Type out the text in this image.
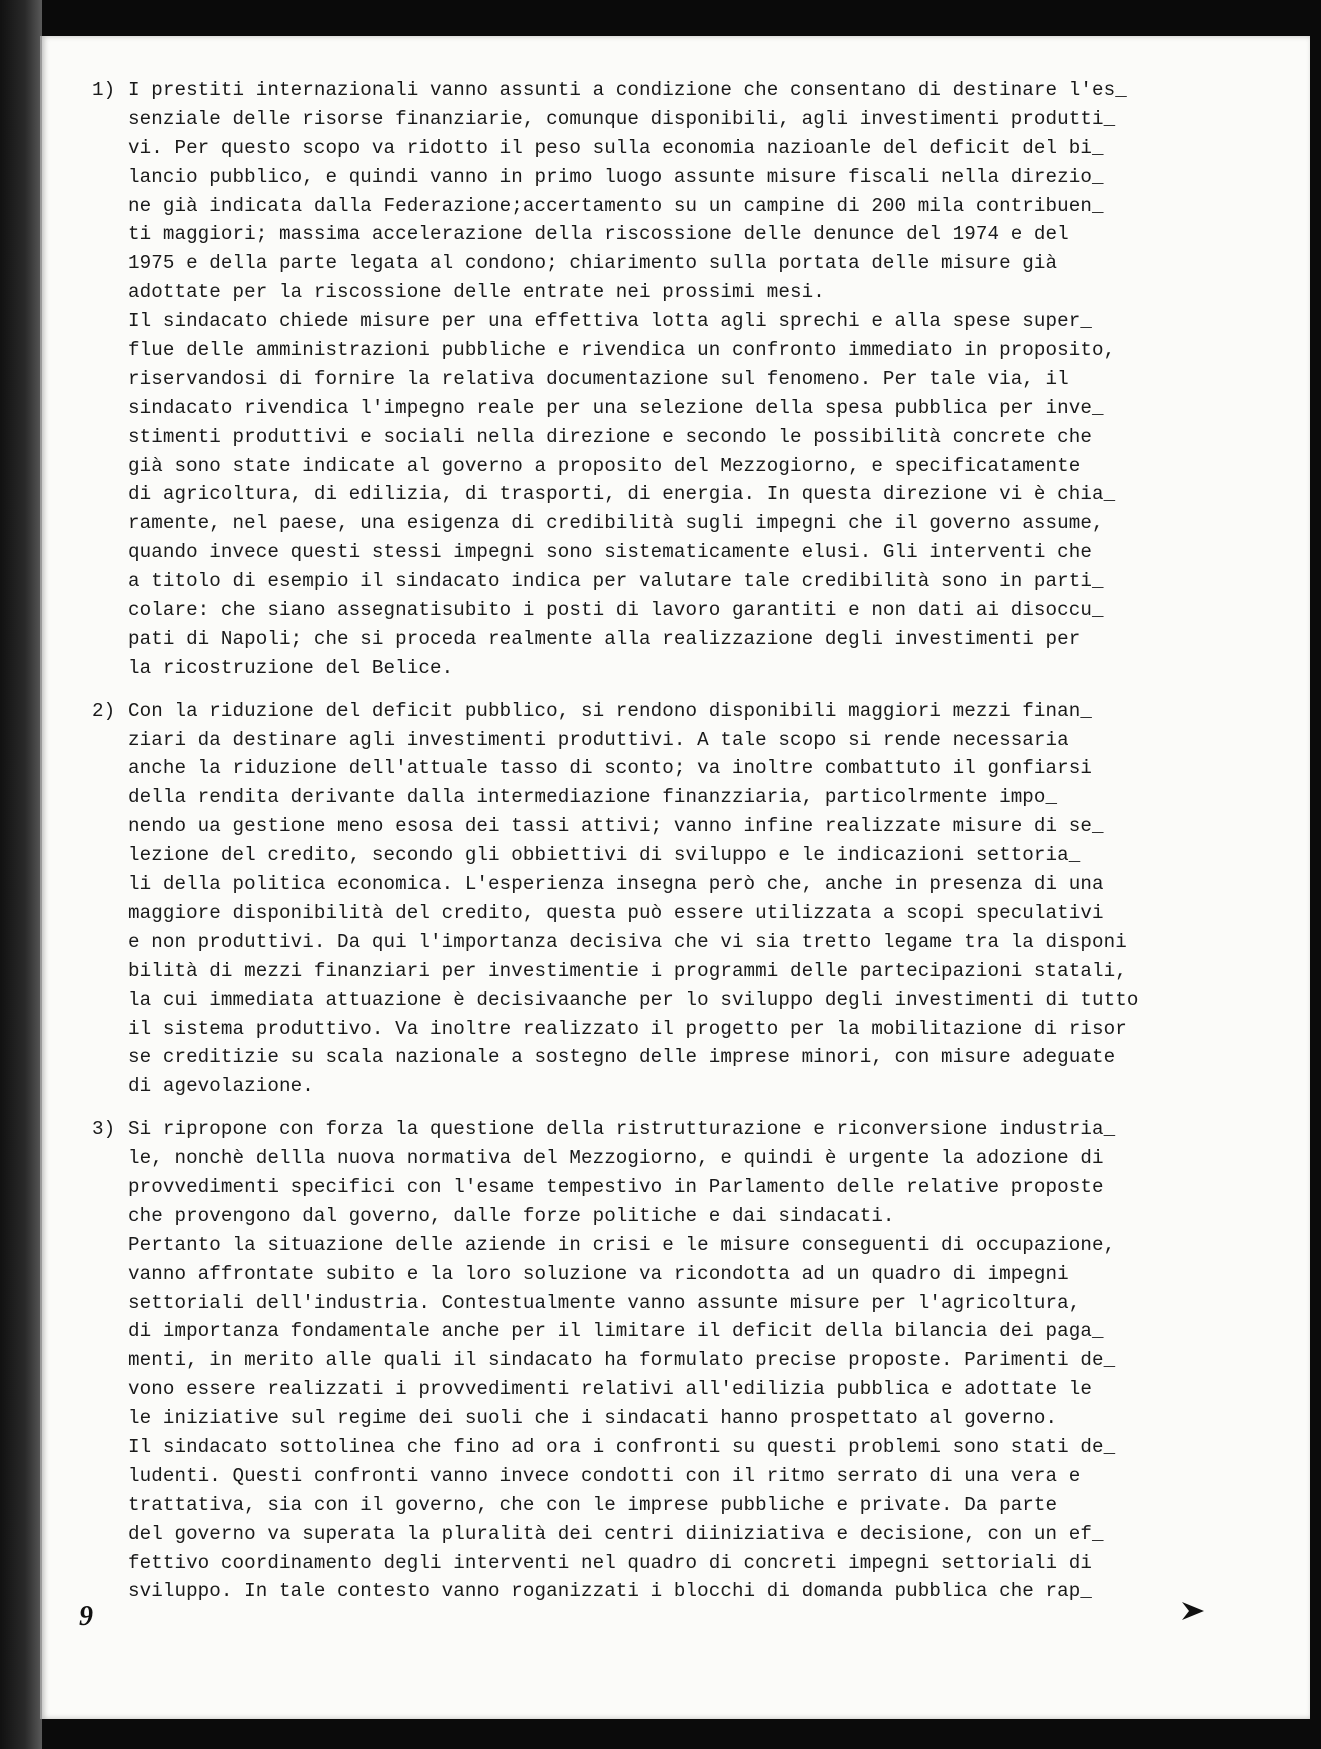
1) I prestiti internazionali vanno assunti a condizione che consentano di destinare l'es_
senziale delle risorse finanziarie, comunque disponibili, agli investimenti produtti_
vi. Per questo scopo va ridotto il peso sulla economia nazioanle del deficit del bi_
lancio pubblico, e quindi vanno in primo luogo assunte misure fiscali nella direzio_
ne già indicata dalla Federazione;accertamento su un campine di 200 mila contribuen_
ti maggiori; massima accelerazione della riscossione delle denunce del 1974 e del
1975 e della parte legata al condono; chiarimento sulla portata delle misure già
adottate per la riscossione delle entrate nei prossimi mesi.
Il sindacato chiede misure per una effettiva lotta agli sprechi e alla spese super_
flue delle amministrazioni pubbliche e rivendica un confronto immediato in proposito,
riservandosi di fornire la relativa documentazione sul fenomeno. Per tale via, il
sindacato rivendica l'impegno reale per una selezione della spesa pubblica per inve_
stimenti produttivi e sociali nella direzione e secondo le possibilità concrete che
già sono state indicate al governo a proposito del Mezzogiorno, e specificatamente
di agricoltura, di edilizia, di trasporti, di energia. In questa direzione vi è chia_
ramente, nel paese, una esigenza di credibilità sugli impegni che il governo assume,
quando invece questi stessi impegni sono sistematicamente elusi. Gli interventi che
a titolo di esempio il sindacato indica per valutare tale credibilità sono in parti_
colare: che siano assegnatisubito i posti di lavoro garantiti e non dati ai disoccu_
pati di Napoli; che si proceda realmente alla realizzazione degli investimenti per
la ricostruzione del Belice.
2) Con la riduzione del deficit pubblico, si rendono disponibili maggiori mezzi finan_
ziari da destinare agli investimenti produttivi. A tale scopo si rende necessaria
anche la riduzione dell'attuale tasso di sconto; va inoltre combattuto il gonfiarsi
della rendita derivante dalla intermediazione finanzziaria, particolrmente impo_
nendo ua gestione meno esosa dei tassi attivi; vanno infine realizzate misure di se_
lezione del credito, secondo gli obbiettivi di sviluppo e le indicazioni settoria_
li della politica economica. L'esperienza insegna però che, anche in presenza di una
maggiore disponibilità del credito, questa può essere utilizzata a scopi speculativi
e non produttivi. Da qui l'importanza decisiva che vi sia tretto legame tra la disponi
bilità di mezzi finanziari per investimentie i programmi delle partecipazioni statali,
la cui immediata attuazione è decisivaanche per lo sviluppo degli investimenti di tutto
il sistema produttivo. Va inoltre realizzato il progetto per la mobilitazione di risor
se creditizie su scala nazionale a sostegno delle imprese minori, con misure adeguate
di agevolazione.
3) Si ripropone con forza la questione della ristrutturazione e riconversione industria_
le, nonchè dellla nuova normativa del Mezzogiorno, e quindi è urgente la adozione di
provvedimenti specifici con l'esame tempestivo in Parlamento delle relative proposte
che provengono dal governo, dalle forze politiche e dai sindacati.
Pertanto la situazione delle aziende in crisi e le misure conseguenti di occupazione,
vanno affrontate subito e la loro soluzione va ricondotta ad un quadro di impegni
settoriali dell'industria. Contestualmente vanno assunte misure per l'agricoltura,
di importanza fondamentale anche per il limitare il deficit della bilancia dei paga_
menti, in merito alle quali il sindacato ha formulato precise proposte. Parimenti de_
vono essere realizzati i provvedimenti relativi all'edilizia pubblica e adottate le
le iniziative sul regime dei suoli che i sindacati hanno prospettato al governo.
Il sindacato sottolinea che fino ad ora i confronti su questi problemi sono stati de_
ludenti. Questi confronti vanno invece condotti con il ritmo serrato di una vera e
trattativa, sia con il governo, che con le imprese pubbliche e private. Da parte
del governo va superata la pluralità dei centri diiniziativa e decisione, con un ef_
fettivo coordinamento degli interventi nel quadro di concreti impegni settoriali di
sviluppo. In tale contesto vanno roganizzati i blocchi di domanda pubblica che rap_
9
